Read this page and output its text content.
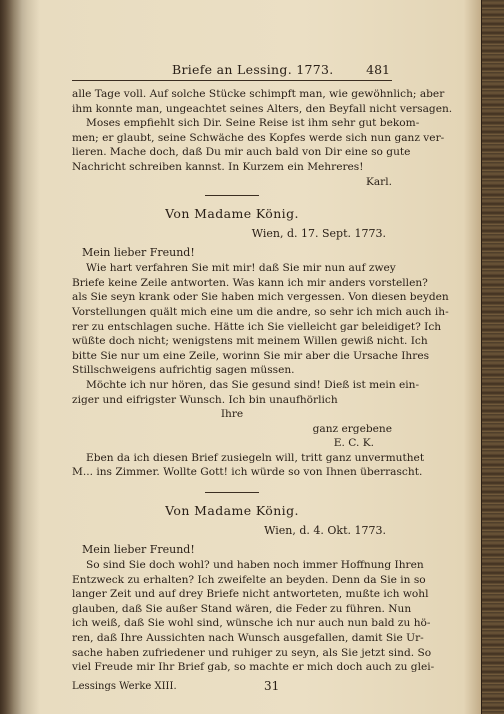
Briefe an Lessing. 1773.	481
alle Tage voll. Auf solche Stücke schimpft man, wie gewöhnlich; aber
ihm konnte man, ungeachtet seines Alters, den Beyfall nicht versagen.
Moses empfiehlt sich Dir. Seine Reise ist ihm sehr gut bekom-
men; er glaubt, seine Schwäche des Kopfes werde sich nun ganz ver-
lieren. Mache doch, daß Du mir auch bald von Dir eine so gute
Nachricht schreiben kannst. In Kurzem ein Mehreres!
Karl.
Von Madame König.
Wien, d. 17. Sept. 1773.
Mein lieber Freund!
Wie hart verfahren Sie mit mir! daß Sie mir nun auf zwey
Briefe keine Zeile antworten. Was kann ich mir anders vorstellen?
als Sie seyn krank oder Sie haben mich vergessen. Von diesen beyden
Vorstellungen quält mich eine um die andre, so sehr ich mich auch ih-
rer zu entschlagen suche. Hätte ich Sie vielleicht gar beleidiget? Ich
wüßte doch nicht; wenigstens mit meinem Willen gewiß nicht. Ich
bitte Sie nur um eine Zeile, worinn Sie mir aber die Ursache Ihres
Stillschweigens aufrichtig sagen müssen.
Möchte ich nur hören, das Sie gesund sind! Dieß ist mein ein-
ziger und eifrigster Wunsch. Ich bin unaufhörlich
Ihre
ganz ergebene
E. C. K.
Eben da ich diesen Brief zusiegeln will, tritt ganz unvermuthet
M... ins Zimmer. Wollte Gott! ich würde so von Ihnen überrascht.
Von Madame König.
Wien, d. 4. Okt. 1773.
Mein lieber Freund!
So sind Sie doch wohl? und haben noch immer Hoffnung Ihren
Entzweck zu erhalten? Ich zweifelte an beyden. Denn da Sie in so
langer Zeit und auf drey Briefe nicht antworteten, mußte ich wohl
glauben, daß Sie außer Stand wären, die Feder zu führen. Nun
ich weiß, daß Sie wohl sind, wünsche ich nur auch nun bald zu hö-
ren, daß Ihre Aussichten nach Wunsch ausgefallen, damit Sie Ur-
sache haben zufriedener und ruhiger zu seyn, als Sie jetzt sind. So
viel Freude mir Ihr Brief gab, so machte er mich doch auch zu glei-
Lessings Werke XIII.	31
